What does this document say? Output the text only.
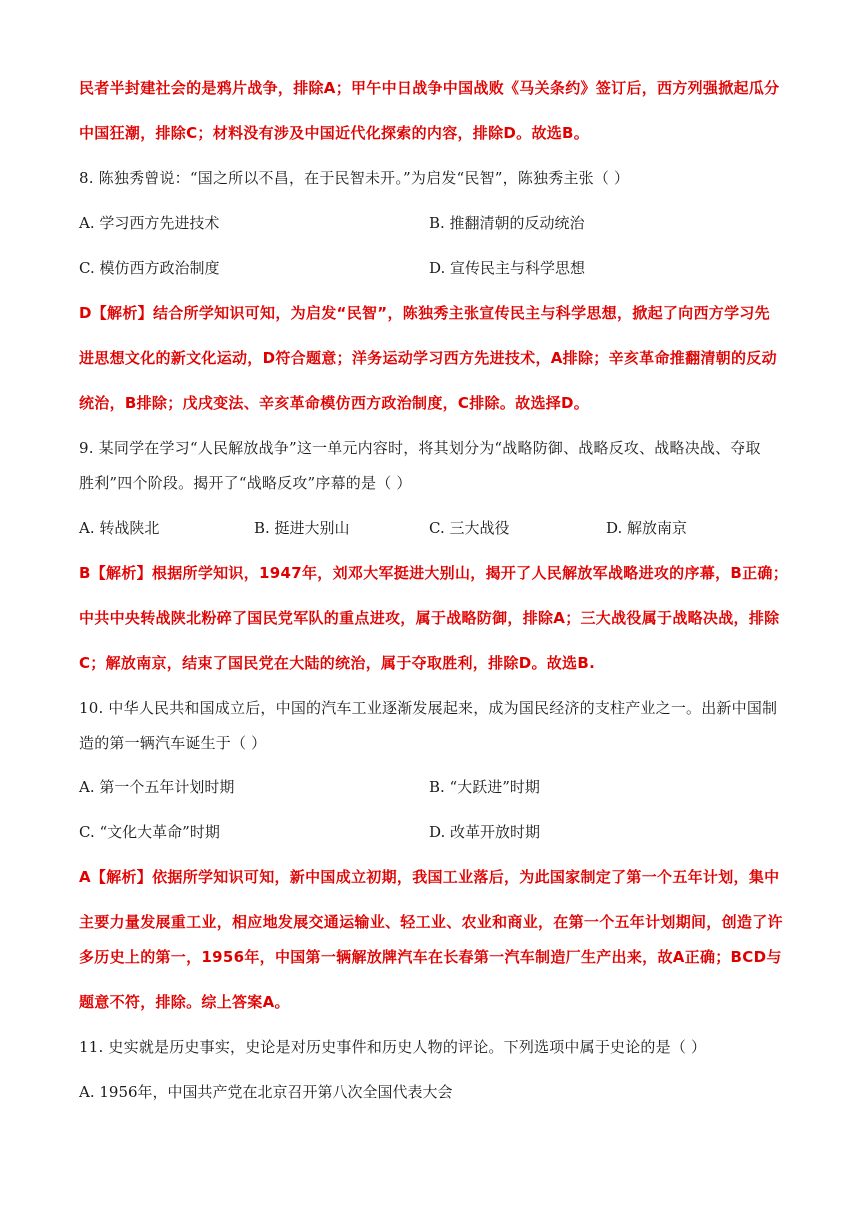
民者半封建社会的是鸦片战争，排除A；甲午中日战争中国战败《马关条约》签订后，西方列强掀起瓜分
中国狂潮，排除C；材料没有涉及中国近代化探索的内容，排除D。故选B。
8. 陈独秀曾说：“国之所以不昌，在于民智未开。”为启发“民智”，陈独秀主张（ ）
A. 学习西方先进技术	B. 推翻清朝的反动统治
C. 模仿西方政治制度	D. 宣传民主与科学思想
D【解析】结合所学知识可知，为启发“民智”，陈独秀主张宣传民主与科学思想，掀起了向西方学习先
进思想文化的新文化运动，D符合题意；洋务运动学习西方先进技术，A排除；辛亥革命推翻清朝的反动
统治，B排除；戊戌变法、辛亥革命模仿西方政治制度，C排除。故选择D。
9. 某同学在学习“人民解放战争”这一单元内容时，将其划分为“战略防御、战略反攻、战略决战、夺取
胜利”四个阶段。揭开了“战略反攻”序幕的是（ ）
A. 转战陕北	B. 挺进大别山	C. 三大战役	D. 解放南京
B【解析】根据所学知识，1947年，刘邓大军挺进大别山，揭开了人民解放军战略进攻的序幕，B正确；
中共中央转战陕北粉碎了国民党军队的重点进攻，属于战略防御，排除A；三大战役属于战略决战，排除
C；解放南京，结束了国民党在大陆的统治，属于夺取胜利，排除D。故选B.
10. 中华人民共和国成立后，中国的汽车工业逐渐发展起来，成为国民经济的支柱产业之一。出新中国制
造的第一辆汽车诞生于（ ）
A. 第一个五年计划时期	B. “大跃进”时期
C. “文化大革命”时期	D. 改革开放时期
A【解析】依据所学知识可知，新中国成立初期，我国工业落后，为此国家制定了第一个五年计划，集中
主要力量发展重工业，相应地发展交通运输业、轻工业、农业和商业，在第一个五年计划期间，创造了许
多历史上的第一，1956年，中国第一辆解放牌汽车在长春第一汽车制造厂生产出来，故A正确；BCD与
题意不符，排除。综上答案A。
11. 史实就是历史事实，史论是对历史事件和历史人物的评论。下列选项中属于史论的是（ ）
A. 1956年，中国共产党在北京召开第八次全国代表大会
